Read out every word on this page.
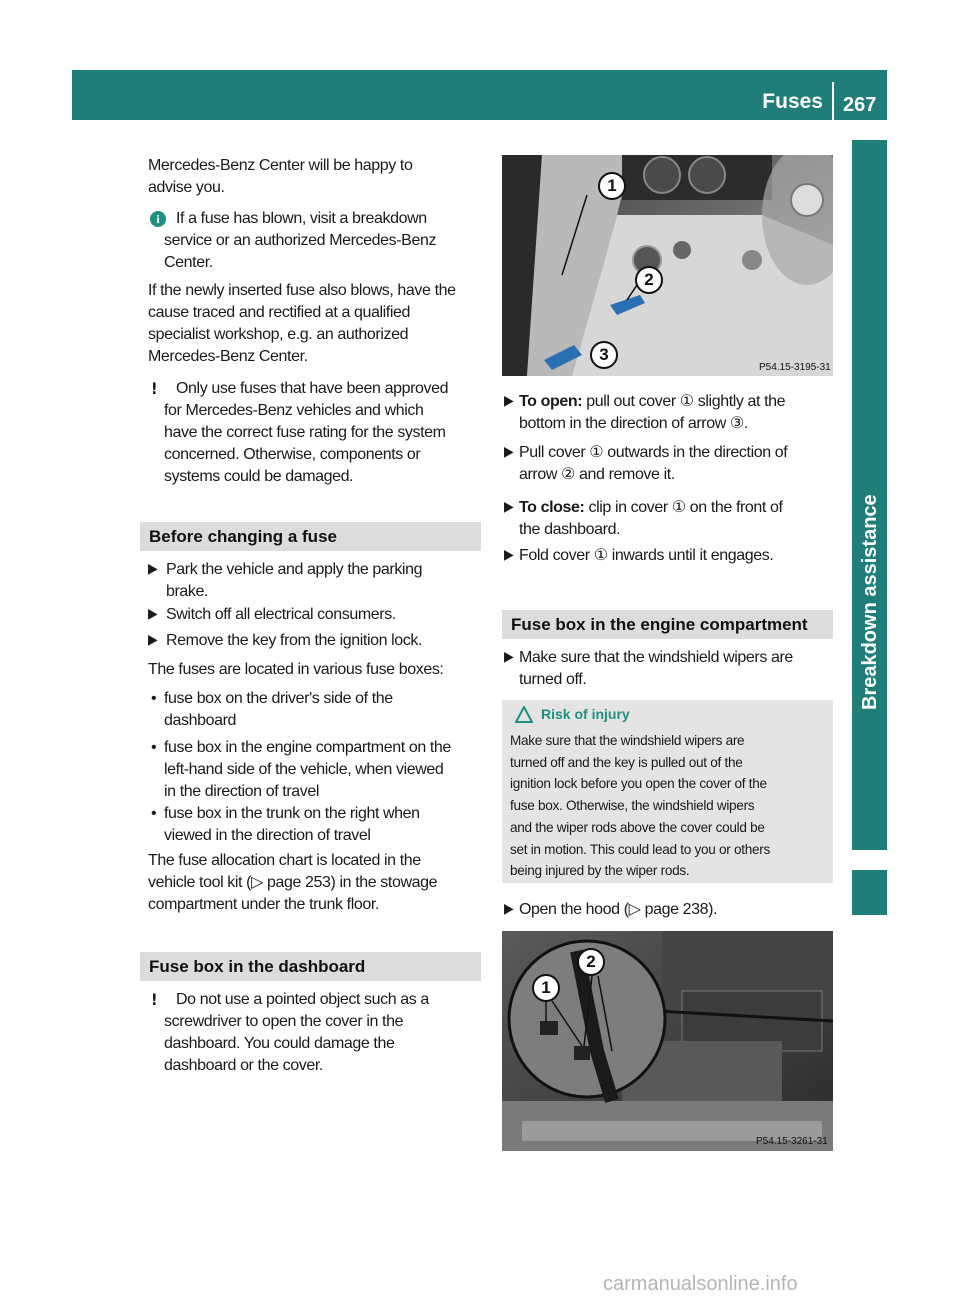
Fuses 267
Breakdown assistance
Mercedes-Benz Center will be happy to
advise you.
i	If a fuse has blown, visit a breakdown
service or an authorized Mercedes-Benz
Center.
If the newly inserted fuse also blows, have the
cause traced and rectified at a qualified
specialist workshop, e.g. an authorized
Mercedes-Benz Center.
! Only use fuses that have been approved
for Mercedes-Benz vehicles and which
have the correct fuse rating for the system
concerned. Otherwise, components or
systems could be damaged.
Before changing a fuse
▶ Park the vehicle and apply the parking
brake.
▶ Switch off all electrical consumers.
▶ Remove the key from the ignition lock.
The fuses are located in various fuse boxes:
• fuse box on the driver's side of the
dashboard
• fuse box in the engine compartment on the
left-hand side of the vehicle, when viewed
in the direction of travel
• fuse box in the trunk on the right when
viewed in the direction of travel
The fuse allocation chart is located in the
vehicle tool kit (▷ page 253) in the stowage
compartment under the trunk floor.
Fuse box in the dashboard
! Do not use a pointed object such as a
screwdriver to open the cover in the
dashboard. You could damage the
dashboard or the cover.
1
2
3
P54.15-3195-31
▶ To open: pull out cover ① slightly at the
bottom in the direction of arrow ③.
▶ Pull cover ① outwards in the direction of
arrow ② and remove it.
▶ To close: clip in cover ① on the front of
the dashboard.
▶ Fold cover ① inwards until it engages.
Fuse box in the engine compartment
▶ Make sure that the windshield wipers are
turned off.
Risk of injury
Make sure that the windshield wipers are
turned off and the key is pulled out of the
ignition lock before you open the cover of the
fuse box. Otherwise, the windshield wipers
and the wiper rods above the cover could be
set in motion. This could lead to you or others
being injured by the wiper rods.
▶ Open the hood (▷ page 238).
1
2
P54.15-3261-31
carmanualsonline.info
